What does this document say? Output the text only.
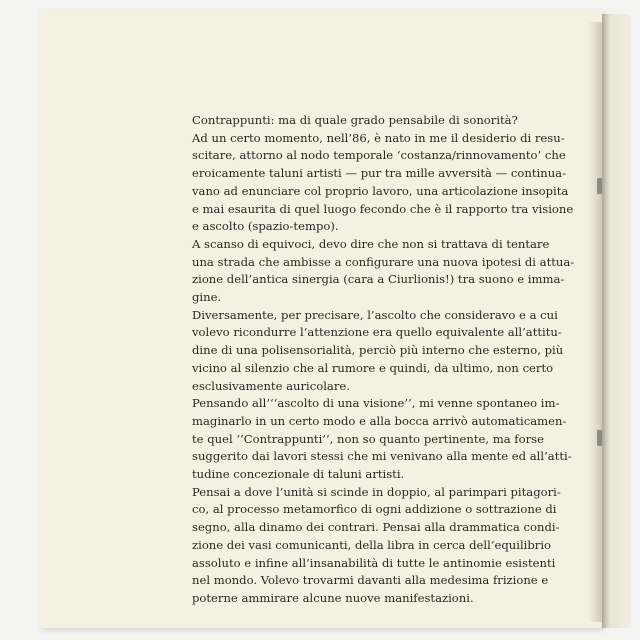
Contrappunti: ma di quale grado pensabile di sonorità?
Ad un certo momento, nell’86, è nato in me il desiderio di resu-
scitare, attorno al nodo temporale ‘costanza/rinnovamento’ che
eroicamente taluni artisti — pur tra mille avversità — continua-
vano ad enunciare col proprio lavoro, una articolazione insopita
e mai esaurita di quel luogo fecondo che è il rapporto tra visione
e ascolto (spazio-tempo).
A scanso di equivoci, devo dire che non si trattava di tentare
una strada che ambisse a configurare una nuova ipotesi di attua-
zione dell’antica sinergia (cara a Ciurlionis!) tra suono e imma-
gine.
Diversamente, per precisare, l’ascolto che consideravo e a cui
volevo ricondurre l’attenzione era quello equivalente all’attitu-
dine di una polisensorialità, perciò più interno che esterno, più
vicino al silenzio che al rumore e quindi, da ultimo, non certo
esclusivamente auricolare.
Pensando all’‘‘ascolto di una visione’’, mi venne spontaneo im-
maginarlo in un certo modo e alla bocca arrivò automaticamen-
te quel ‘‘Contrappunti’’, non so quanto pertinente, ma forse
suggerito dai lavori stessi che mi venivano alla mente ed all’atti-
tudine concezionale di taluni artisti.
Pensai a dove l’unità si scinde in doppio, al parimpari pitagori-
co, al processo metamorfico di ogni addizione o sottrazione di
segno, alla dinamo dei contrari. Pensai alla drammatica condi-
zione dei vasi comunicanti, della libra in cerca dell’equilibrio
assoluto e infine all’insanabilità di tutte le antinomie esistenti
nel mondo. Volevo trovarmi davanti alla medesima frizione e
poterne ammirare alcune nuove manifestazioni.
